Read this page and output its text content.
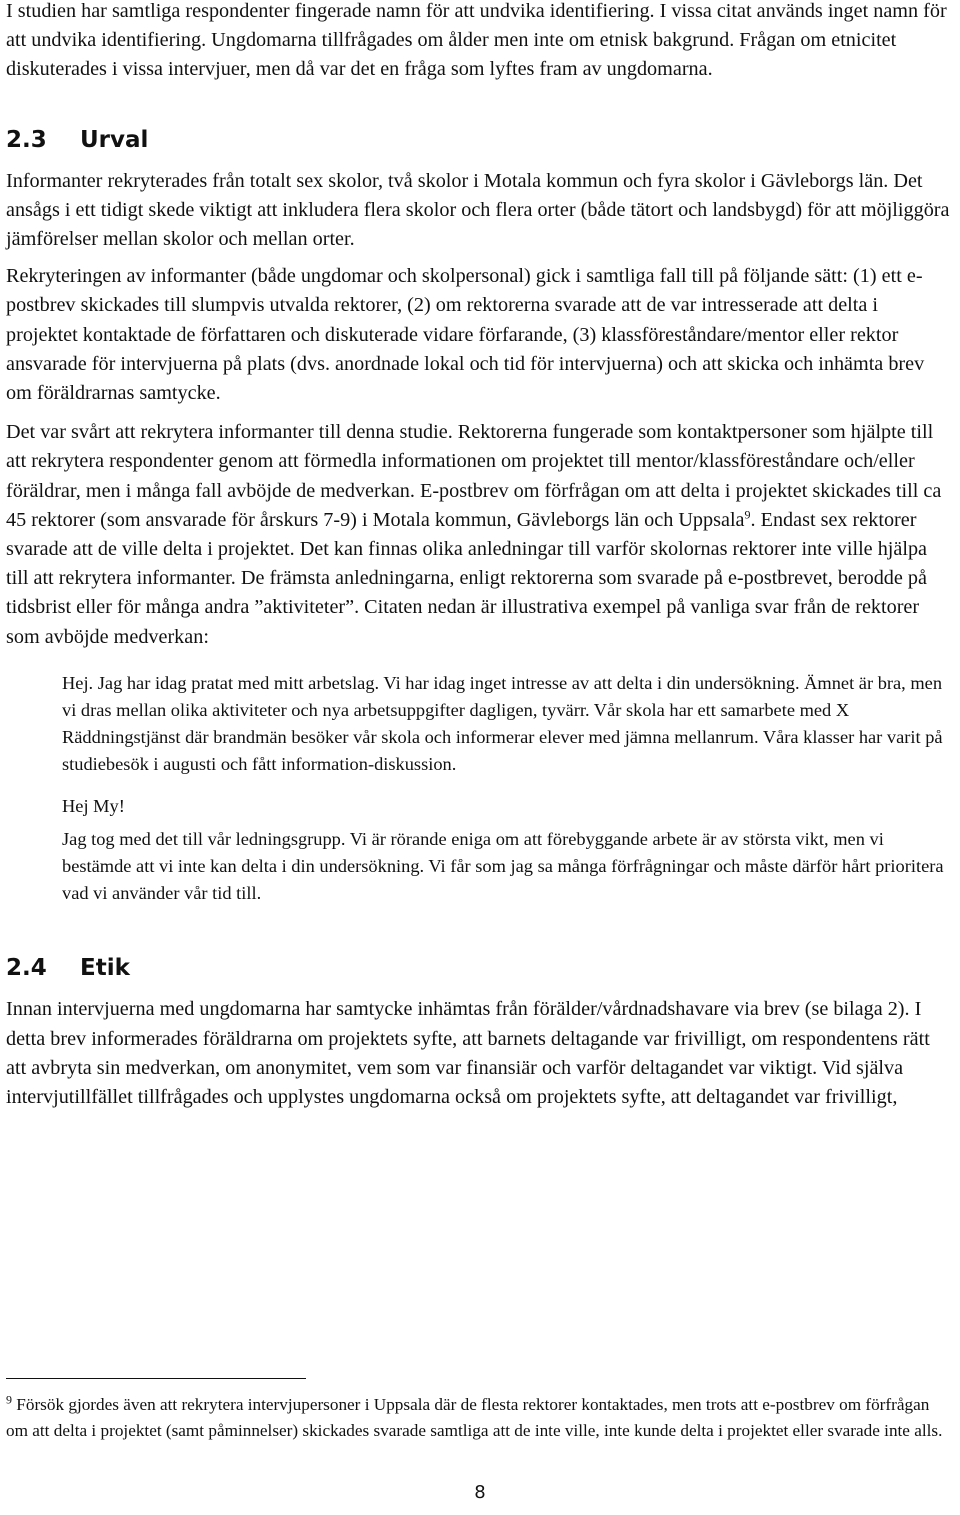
I studien har samtliga respondenter fingerade namn för att undvika identifiering. I vissa citat används inget namn för att undvika identifiering. Ungdomarna tillfrågades om ålder men inte om etnisk bakgrund. Frågan om etnicitet diskuterades i vissa intervjuer, men då var det en fråga som lyftes fram av ungdomarna.

2.3	Urval

Informanter rekryterades från totalt sex skolor, två skolor i Motala kommun och fyra skolor i Gävleborgs län. Det ansågs i ett tidigt skede viktigt att inkludera flera skolor och flera orter (både tätort och landsbygd) för att möjliggöra jämförelser mellan skolor och mellan orter.

Rekryteringen av informanter (både ungdomar och skolpersonal) gick i samtliga fall till på följande sätt: (1) ett e-postbrev skickades till slumpvis utvalda rektorer, (2) om rektorerna svarade att de var intresserade att delta i projektet kontaktade de författaren och diskuterade vidare förfarande, (3) klassföreståndare/mentor eller rektor ansvarade för intervjuerna på plats (dvs. anordnade lokal och tid för intervjuerna) och att skicka och inhämta brev om föräldrarnas samtycke.

Det var svårt att rekrytera informanter till denna studie. Rektorerna fungerade som kontaktpersoner som hjälpte till att rekrytera respondenter genom att förmedla informationen om projektet till mentor/klassföreståndare och/eller föräldrar, men i många fall avböjde de medverkan. E-postbrev om förfrågan om att delta i projektet skickades till ca 45 rektorer (som ansvarade för årskurs 7-9) i Motala kommun, Gävleborgs län och Uppsala$^9$. Endast sex rektorer svarade att de ville delta i projektet. Det kan finnas olika anledningar till varför skolornas rektorer inte ville hjälpa till att rekrytera informanter. De främsta anledningarna, enligt rektorerna som svarade på e-postbrevet, berodde på tidsbrist eller för många andra ”aktiviteter”. Citaten nedan är illustrativa exempel på vanliga svar från de rektorer som avböjde medverkan:

Hej. Jag har idag pratat med mitt arbetslag. Vi har idag inget intresse av att delta i din undersökning. Ämnet är bra, men vi dras mellan olika aktiviteter och nya arbetsuppgifter dagligen, tyvärr. Vår skola har ett samarbete med X Räddningstjänst där brandmän besöker vår skola och informerar elever med jämna mellanrum. Våra klasser har varit på studiebesök i augusti och fått information-diskussion.

Hej My!

Jag tog med det till vår ledningsgrupp. Vi är rörande eniga om att förebyggande arbete är av största vikt, men vi bestämde att vi inte kan delta i din undersökning. Vi får som jag sa många förfrågningar och måste därför hårt prioritera vad vi använder vår tid till.

2.4	Etik

Innan intervjuerna med ungdomarna har samtycke inhämtas från förälder/vårdnadshavare via brev (se bilaga 2). I detta brev informerades föräldrarna om projektets syfte, att barnets deltagande var frivilligt, om respondentens rätt att avbryta sin medverkan, om anonymitet, vem som var finansiär och varför deltagandet var viktigt. Vid själva intervjutillfället tillfrågades och upplystes ungdomarna också om projektets syfte, att deltagandet var frivilligt,

$^9$ Försök gjordes även att rekrytera intervjupersoner i Uppsala där de flesta rektorer kontaktades, men trots att e-postbrev om förfrågan om att delta i projektet (samt påminnelser) skickades svarade samtliga att de inte ville, inte kunde delta i projektet eller svarade inte alls.

8
